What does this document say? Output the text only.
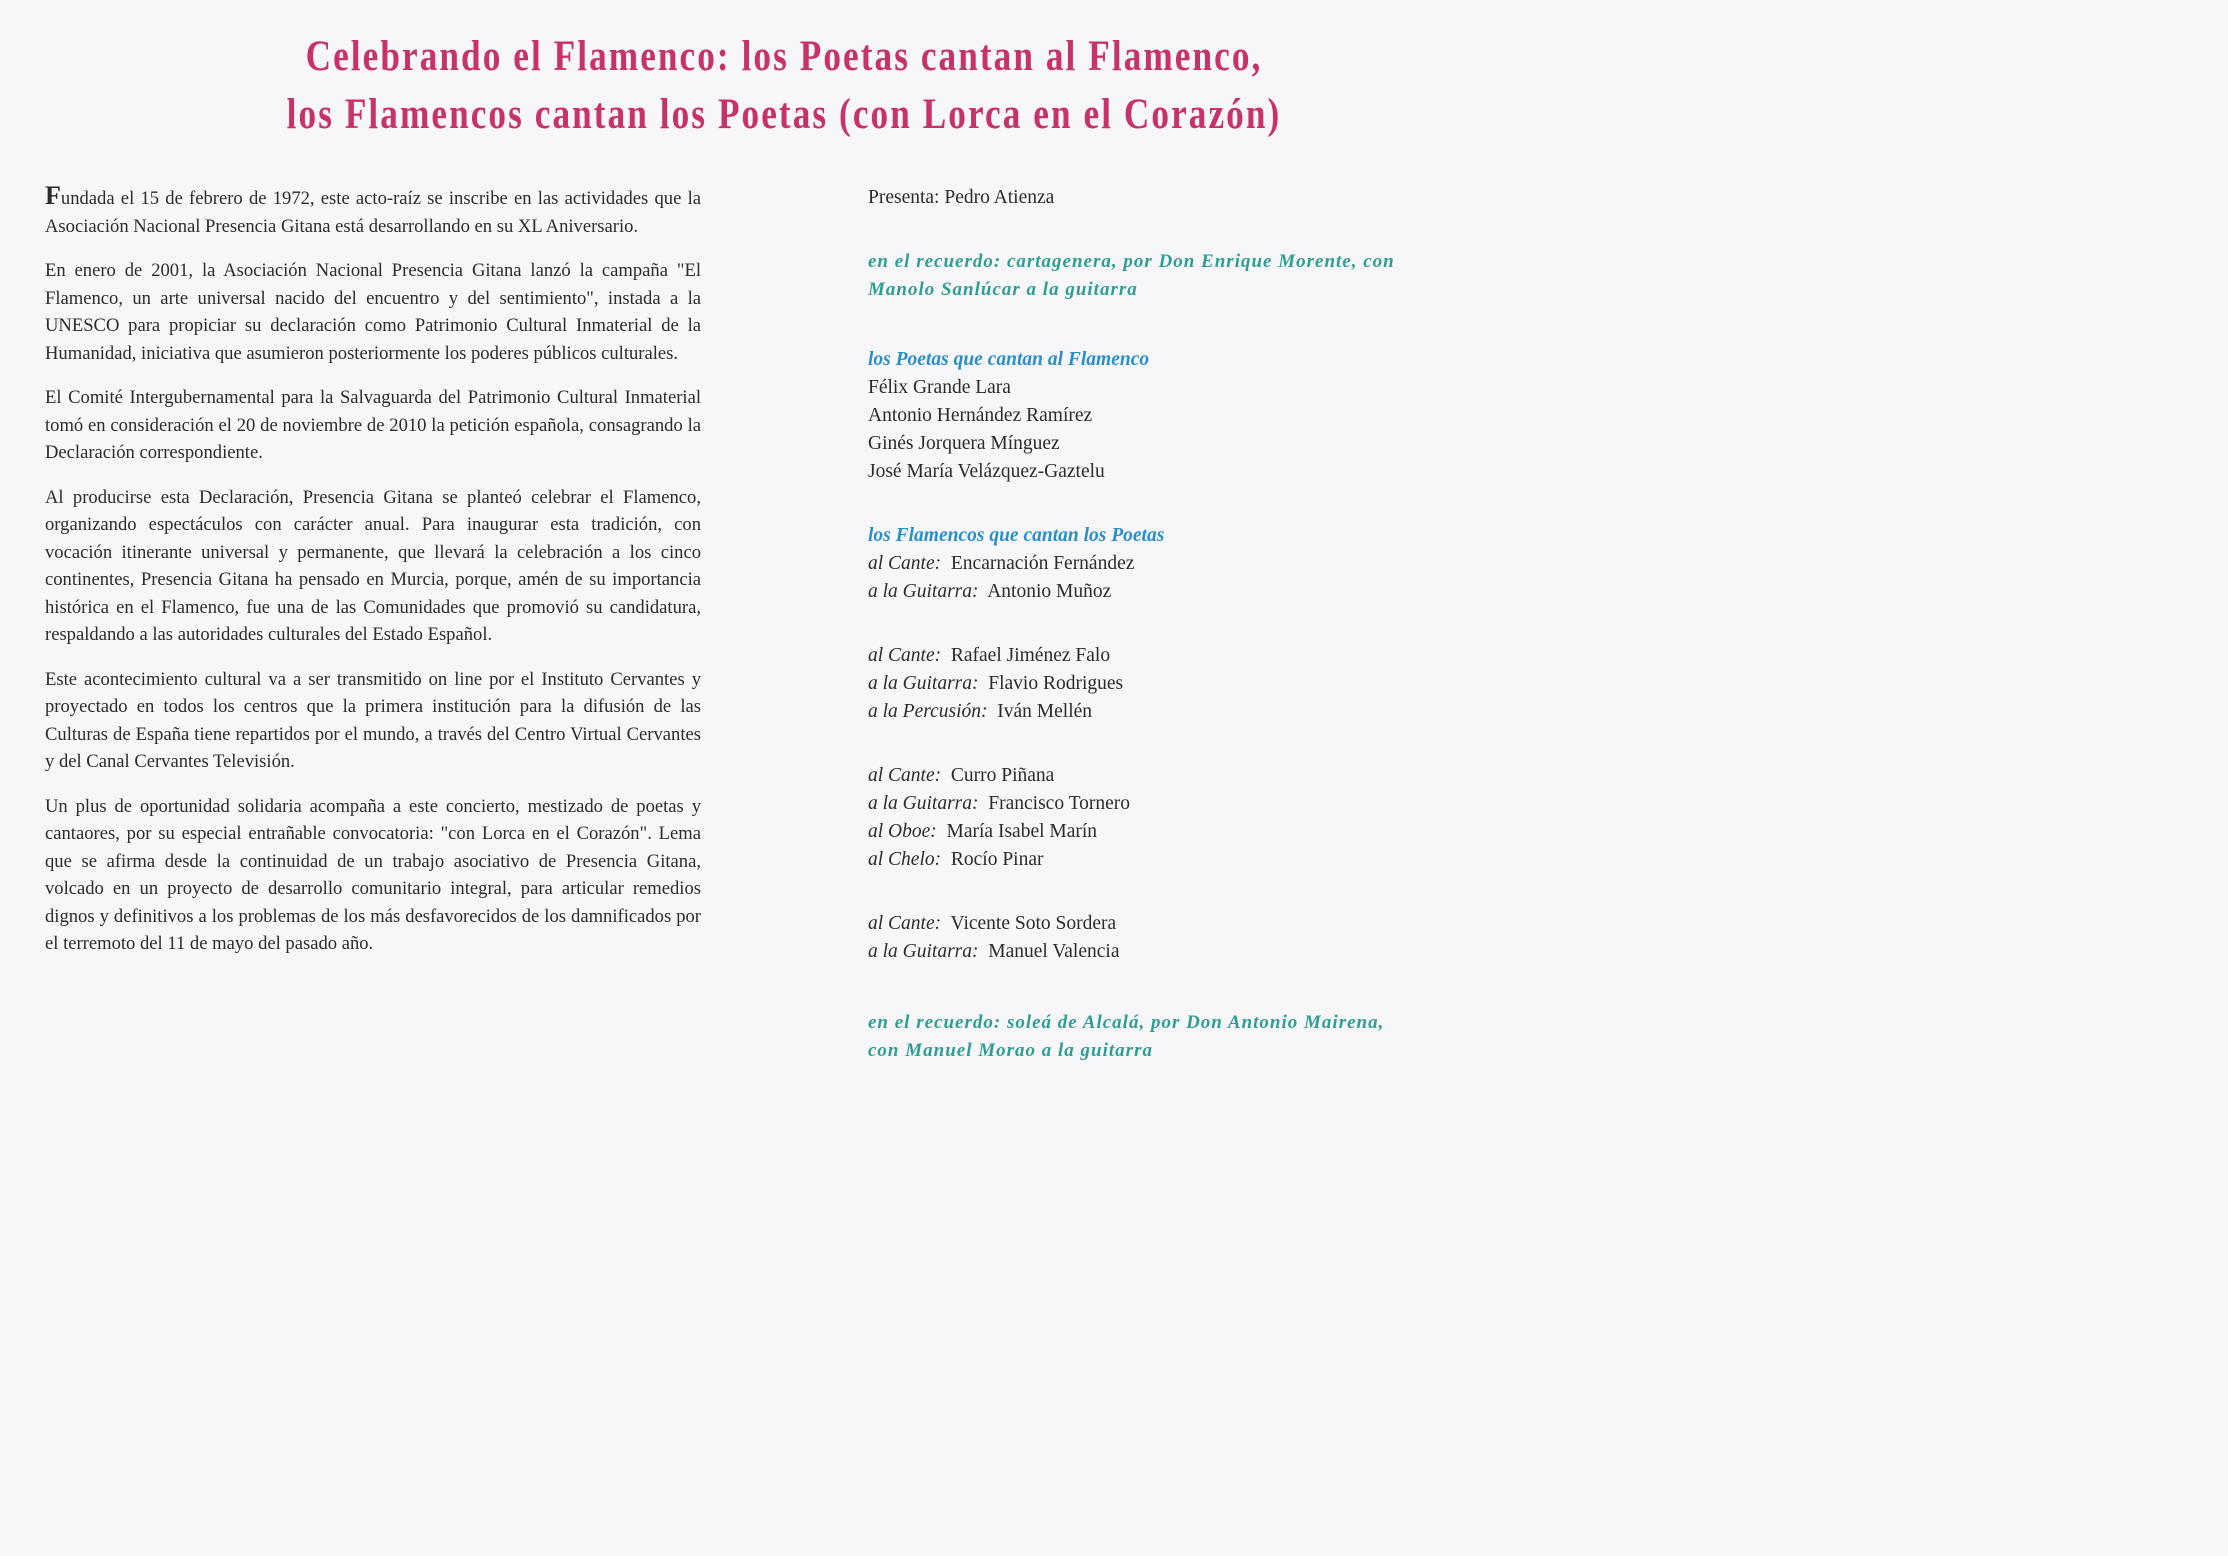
Celebrando el Flamenco: los Poetas cantan al Flamenco,
los Flamencos cantan los Poetas (con Lorca en el Corazón)

Fundada el 15 de febrero de 1972, este acto-raíz se inscribe en las actividades que la Asociación Nacional Presencia Gitana está desarrollando en su XL Aniversario.

En enero de 2001, la Asociación Nacional Presencia Gitana lanzó la campaña "El Flamenco, un arte universal nacido del encuentro y del sentimiento", instada a la UNESCO para propiciar su declaración como Patrimonio Cultural Inmaterial de la Humanidad, iniciativa que asumieron posteriormente los poderes públicos culturales.

El Comité Intergubernamental para la Salvaguarda del Patrimonio Cultural Inmaterial tomó en consideración el 20 de noviembre de 2010 la petición española, consagrando la Declaración correspondiente.

Al producirse esta Declaración, Presencia Gitana se planteó celebrar el Flamenco, organizando espectáculos con carácter anual. Para inaugurar esta tradición, con vocación itinerante universal y permanente, que llevará la celebración a los cinco continentes, Presencia Gitana ha pensado en Murcia, porque, amén de su importancia histórica en el Flamenco, fue una de las Comunidades que promovió su candidatura, respaldando a las autoridades culturales del Estado Español.

Este acontecimiento cultural va a ser transmitido on line por el Instituto Cervantes y proyectado en todos los centros que la primera institución para la difusión de las Culturas de España tiene repartidos por el mundo, a través del Centro Virtual Cervantes y del Canal Cervantes Televisión.

Un plus de oportunidad solidaria acompaña a este concierto, mestizado de poetas y cantaores, por su especial entrañable convocatoria: "con Lorca en el Corazón". Lema que se afirma desde la continuidad de un trabajo asociativo de Presencia Gitana, volcado en un proyecto de desarrollo comunitario integral, para articular remedios dignos y definitivos a los problemas de los más desfavorecidos de los damnificados por el terremoto del 11 de mayo del pasado año.

Presenta: Pedro Atienza
en el recuerdo: cartagenera, por Don Enrique Morente, con
Manolo Sanlúcar a la guitarra
los Poetas que cantan al Flamenco
Félix Grande Lara
Antonio Hernández Ramírez
Ginés Jorquera Mínguez
José María Velázquez-Gaztelu
los Flamencos que cantan los Poetas
al Cante: Encarnación Fernández
a la Guitarra: Antonio Muñoz
al Cante: Rafael Jiménez Falo
a la Guitarra: Flavio Rodrigues
a la Percusión: Iván Mellén
al Cante: Curro Piñana
a la Guitarra: Francisco Tornero
al Oboe: María Isabel Marín
al Chelo: Rocío Pinar
al Cante: Vicente Soto Sordera
a la Guitarra: Manuel Valencia
en el recuerdo: soleá de Alcalá, por Don Antonio Mairena,
con Manuel Morao a la guitarra
